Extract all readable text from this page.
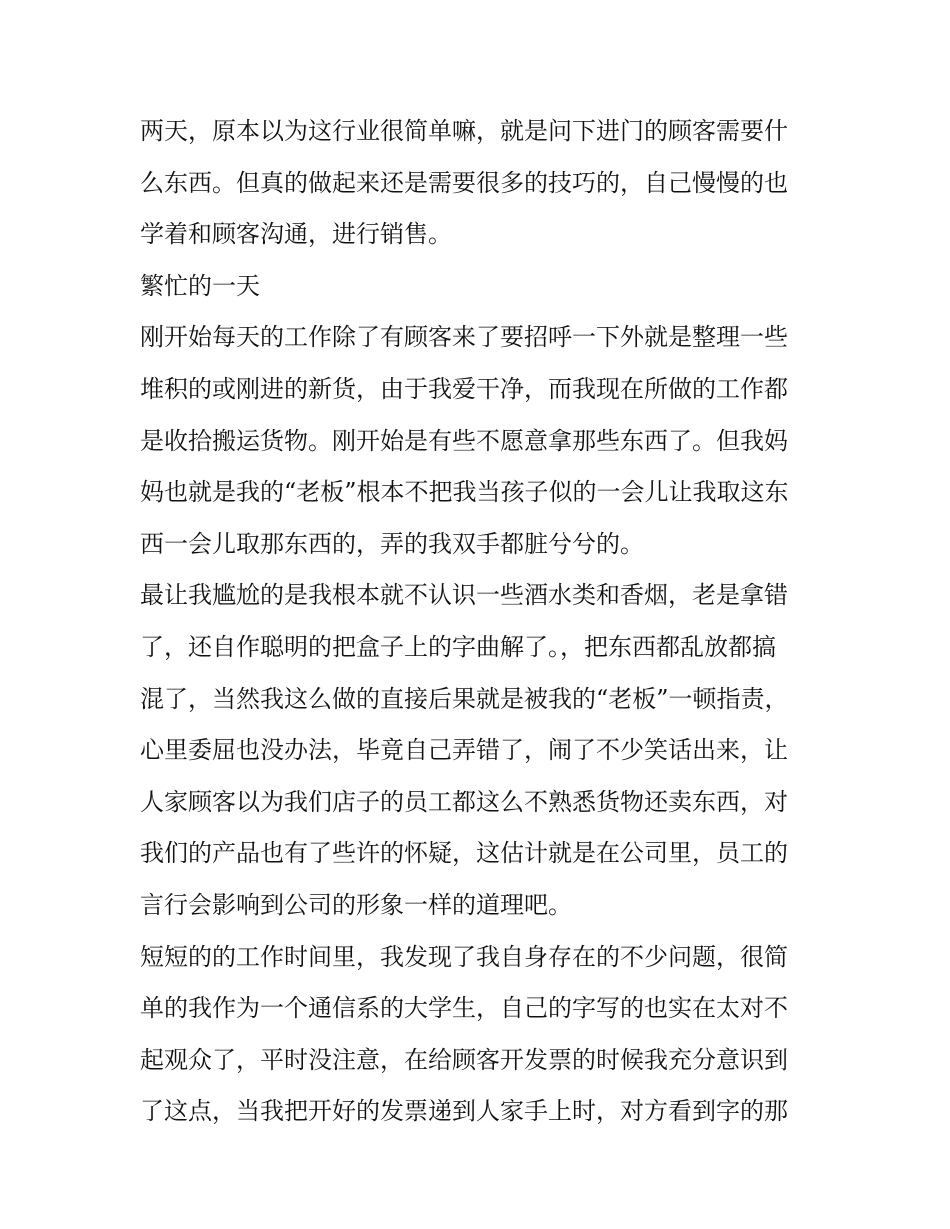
两天，原本以为这行业很简单嘛，就是问下进门的顾客需要什
么东西。但真的做起来还是需要很多的技巧的，自己慢慢的也
学着和顾客沟通，进行销售。
繁忙的一天
刚开始每天的工作除了有顾客来了要招呼一下外就是整理一些
堆积的或刚进的新货，由于我爱干净，而我现在所做的工作都
是收拾搬运货物。刚开始是有些不愿意拿那些东西了。但我妈
妈也就是我的“老板”根本不把我当孩子似的一会儿让我取这东
西一会儿取那东西的，弄的我双手都脏兮兮的。
最让我尴尬的是我根本就不认识一些酒水类和香烟，老是拿错
了，还自作聪明的把盒子上的字曲解了。，把东西都乱放都搞
混了，当然我这么做的直接后果就是被我的“老板”一顿指责，
心里委屈也没办法，毕竟自己弄错了，闹了不少笑话出来，让
人家顾客以为我们店子的员工都这么不熟悉货物还卖东西，对
我们的产品也有了些许的怀疑，这估计就是在公司里，员工的
言行会影响到公司的形象一样的道理吧。
短短的的工作时间里，我发现了我自身存在的不少问题，很简
单的我作为一个通信系的大学生，自己的字写的也实在太对不
起观众了，平时没注意，在给顾客开发票的时候我充分意识到
了这点，当我把开好的发票递到人家手上时，对方看到字的那
